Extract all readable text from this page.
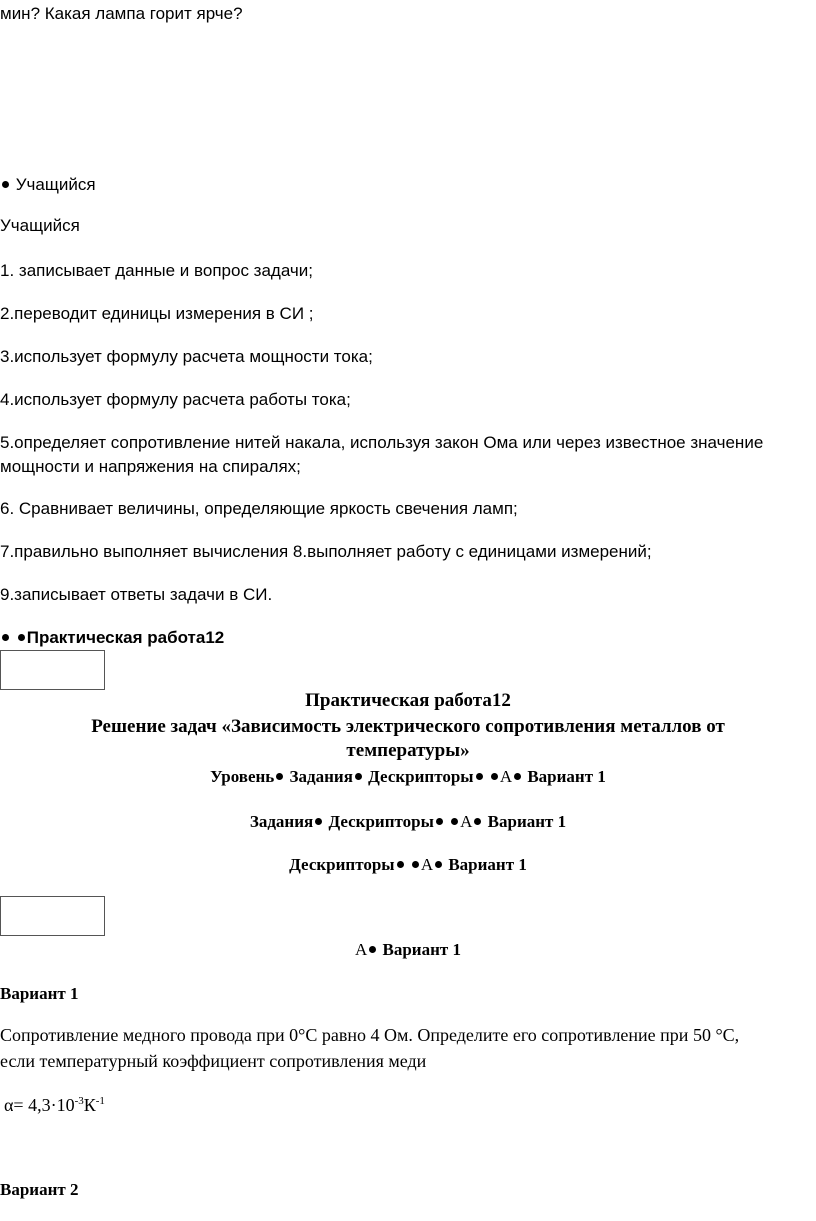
мин? Какая лампа горит ярче?
Учащийся
Учащийся
1. записывает данные и вопрос задачи;
2.переводит единицы измерения в СИ ;
3.использует формулу расчета мощности тока;
4.использует формулу расчета работы тока;
5.определяет сопротивление нитей накала, используя закон Ома или через известное значение
мощности и напряжения на спиралях;
6. Сравнивает величины, определяющие яркость свечения ламп;
7.правильно выполняет вычисления 8.выполняет работу с единицами измерений;
9.записывает ответы задачи в СИ.
Практическая работа12
Практическая работа12
Решение задач «Зависимость электрического сопротивления металлов от
температуры»
Уровень Задания Дескрипторы А Вариант 1
Задания Дескрипторы А Вариант 1
Дескрипторы А Вариант 1
А Вариант 1
Вариант 1
Сопротивление медного провода при 0°С равно 4 Ом. Определите его сопротивление при 50 °С,
если температурный коэффициент сопротивления меди
$\alpha= 4,3\cdot 10^{-3}К^{-1}$
Вариант 2
